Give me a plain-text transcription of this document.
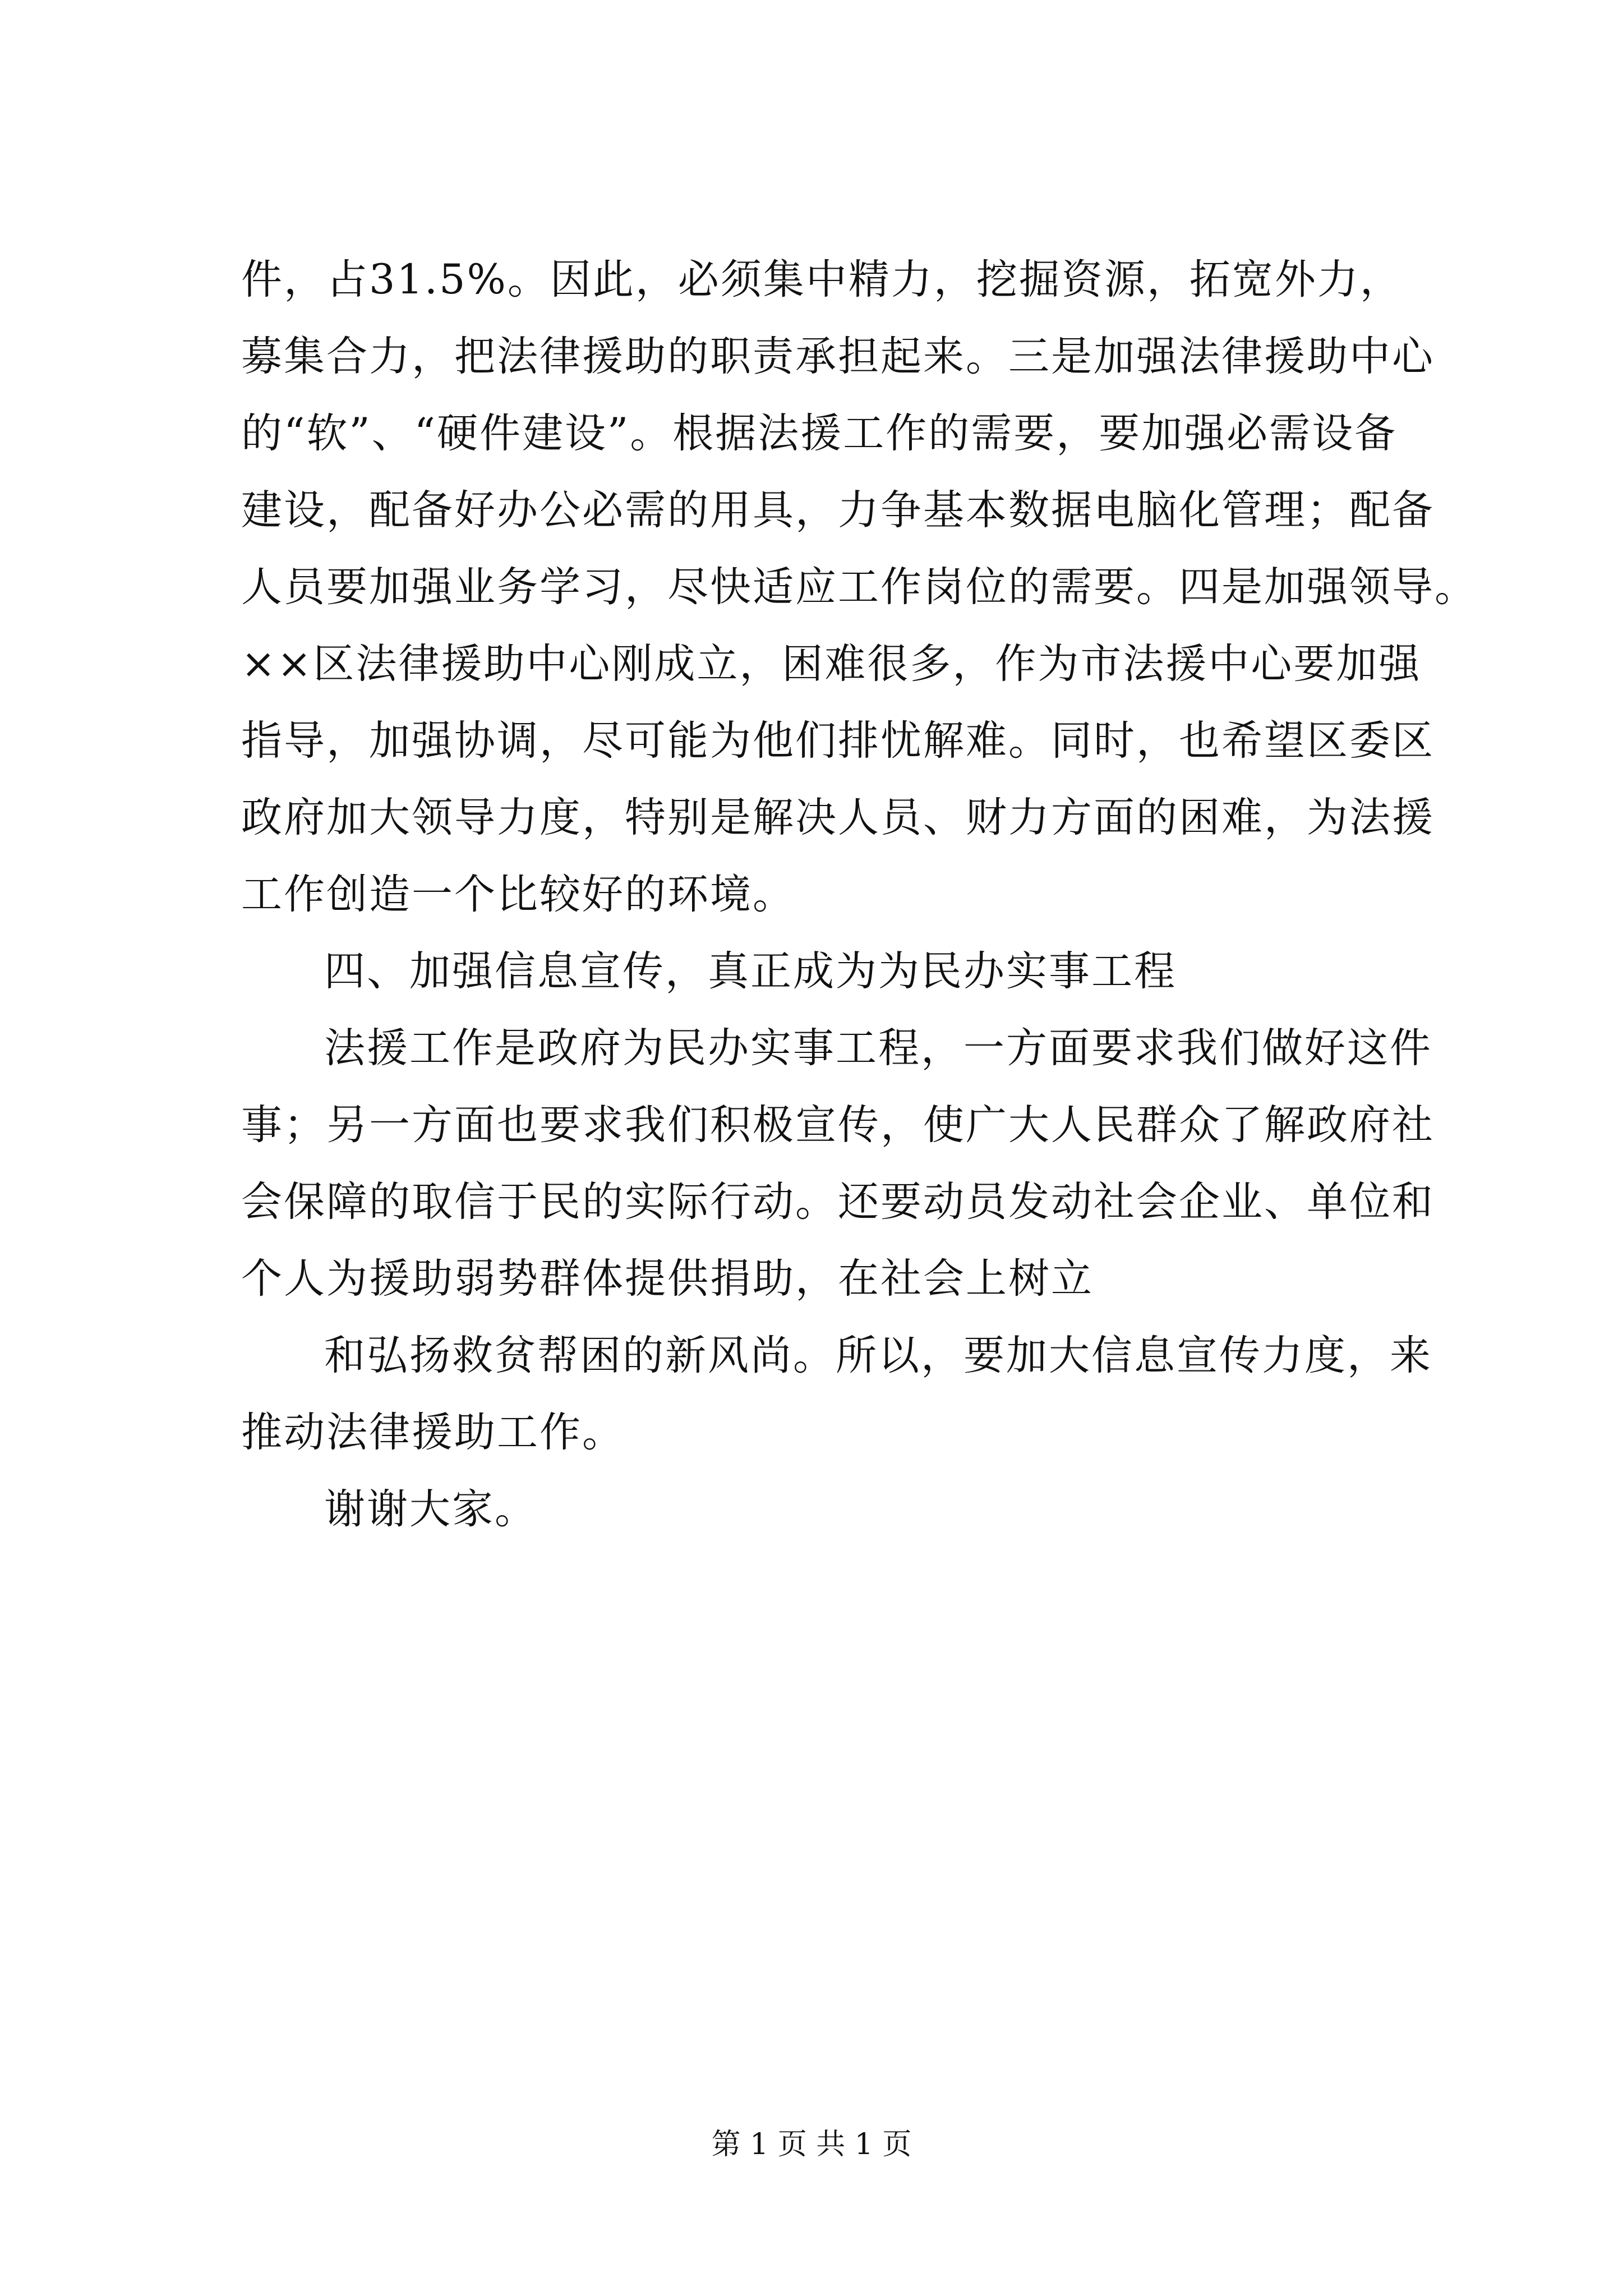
件，占31.5%。因此，必须集中精力，挖掘资源，拓宽外力，
募集合力，把法律援助的职责承担起来。三是加强法律援助中心
的“软”、“硬件建设”。根据法援工作的需要，要加强必需设备
建设，配备好办公必需的用具，力争基本数据电脑化管理；配备
人员要加强业务学习，尽快适应工作岗位的需要。四是加强领导。
××区法律援助中心刚成立，困难很多，作为市法援中心要加强
指导，加强协调，尽可能为他们排忧解难。同时，也希望区委区
政府加大领导力度，特别是解决人员、财力方面的困难，为法援
工作创造一个比较好的环境。
四、加强信息宣传，真正成为为民办实事工程
法援工作是政府为民办实事工程，一方面要求我们做好这件
事；另一方面也要求我们积极宣传，使广大人民群众了解政府社
会保障的取信于民的实际行动。还要动员发动社会企业、单位和
个人为援助弱势群体提供捐助，在社会上树立
和弘扬救贫帮困的新风尚。所以，要加大信息宣传力度，来
推动法律援助工作。
谢谢大家。
第 1 页 共 1 页
